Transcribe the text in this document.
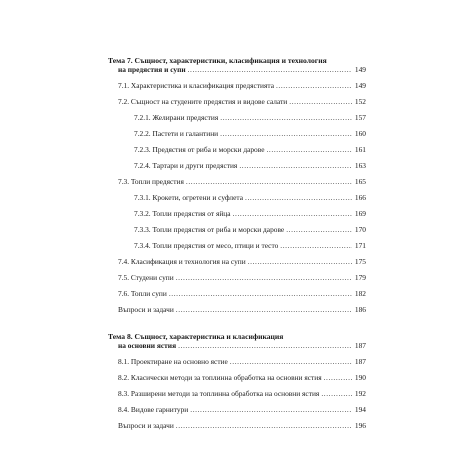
Тема 7. Същност, характеристики, класификация и технология
на предястия и супи .....	149
7.1. Характеристика и класификация предястията .....	149
7.2. Същност на студените предястия и видове салати .....	152
7.2.1. Желирани предястия .....	157
7.2.2. Пастети и галантини .....	160
7.2.3. Предястия от риба и морски дарове .....	161
7.2.4. Тартари и други предястия .....	163
7.3. Топли предястия .....	165
7.3.1. Крокети, огретени и суфлета .....	166
7.3.2. Топли предястия от яйца .....	169
7.3.3. Топли предястия от риба и морски дарове .....	170
7.3.4. Топли предястия от месо, птици и тесто .....	171
7.4. Класификация и технология на супи .....	175
7.5. Студени супи .....	179
7.6. Топли супи .....	182
Въпроси и задачи .....	186
Тема 8. Същност, характеристика и класификация
на основни ястия .....	187
8.1. Проектиране на основно ястие .....	187
8.2. Класически методи за топлинна обработка на основни ястия .....	190
8.3. Разширени методи за топлинна обработка на основни ястия .....	192
8.4. Видове гарнитури .....	194
Въпроси и задачи .....	196
